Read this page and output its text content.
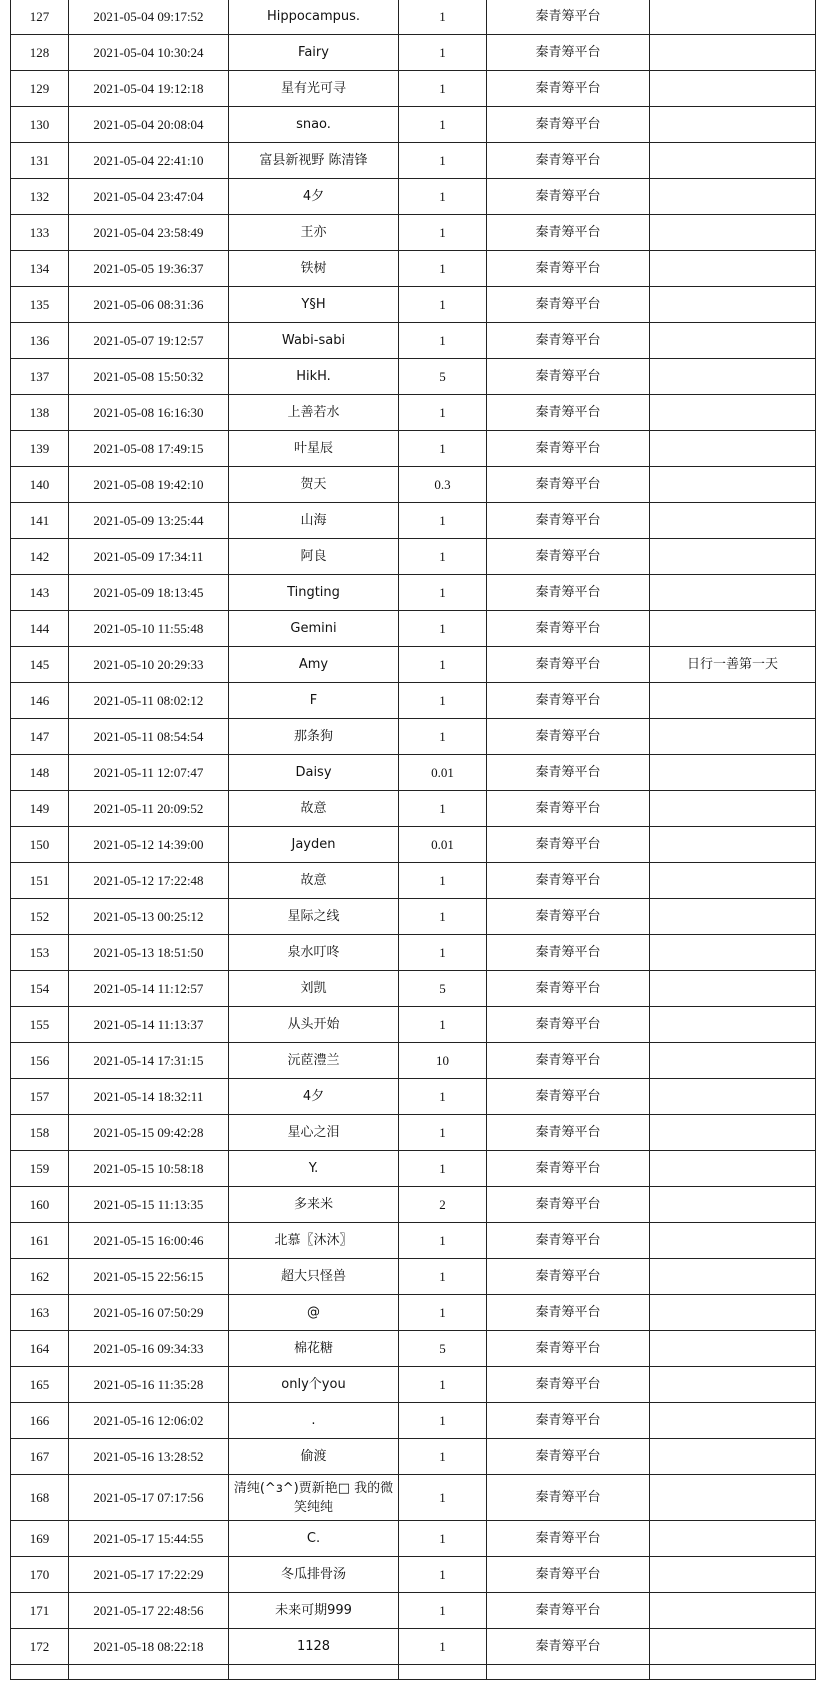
127	2021-05-04 09:17:52	Hippocampus.	1	秦青筹平台	
128	2021-05-04 10:30:24	Fairy	1	秦青筹平台	
129	2021-05-04 19:12:18	星有光可寻	1	秦青筹平台	
130	2021-05-04 20:08:04	snao.	1	秦青筹平台	
131	2021-05-04 22:41:10	富县新视野 陈清锋	1	秦青筹平台	
132	2021-05-04 23:47:04	4夕	1	秦青筹平台	
133	2021-05-04 23:58:49	王亦	1	秦青筹平台	
134	2021-05-05 19:36:37	铁树	1	秦青筹平台	
135	2021-05-06 08:31:36	Y§H	1	秦青筹平台	
136	2021-05-07 19:12:57	Wabi-sabi	1	秦青筹平台	
137	2021-05-08 15:50:32	HikH.	5	秦青筹平台	
138	2021-05-08 16:16:30	上善若水	1	秦青筹平台	
139	2021-05-08 17:49:15	叶星辰	1	秦青筹平台	
140	2021-05-08 19:42:10	贺天	0.3	秦青筹平台	
141	2021-05-09 13:25:44	山海	1	秦青筹平台	
142	2021-05-09 17:34:11	阿良	1	秦青筹平台	
143	2021-05-09 18:13:45	Tingting	1	秦青筹平台	
144	2021-05-10 11:55:48	Gemini	1	秦青筹平台	
145	2021-05-10 20:29:33	Amy	1	秦青筹平台	日行一善第一天
146	2021-05-11 08:02:12	F	1	秦青筹平台	
147	2021-05-11 08:54:54	那条狗	1	秦青筹平台	
148	2021-05-11 12:07:47	Daisy	0.01	秦青筹平台	
149	2021-05-11 20:09:52	故意	1	秦青筹平台	
150	2021-05-12 14:39:00	Jayden	0.01	秦青筹平台	
151	2021-05-12 17:22:48	故意	1	秦青筹平台	
152	2021-05-13 00:25:12	星际之线	1	秦青筹平台	
153	2021-05-13 18:51:50	泉水叮咚	1	秦青筹平台	
154	2021-05-14 11:12:57	刘凯	5	秦青筹平台	
155	2021-05-14 11:13:37	从头开始	1	秦青筹平台	
156	2021-05-14 17:31:15	沅茝澧兰	10	秦青筹平台	
157	2021-05-14 18:32:11	4夕	1	秦青筹平台	
158	2021-05-15 09:42:28	星心之泪	1	秦青筹平台	
159	2021-05-15 10:58:18	Y.	1	秦青筹平台	
160	2021-05-15 11:13:35	多来米	2	秦青筹平台	
161	2021-05-15 16:00:46	北慕〖沐沐〗	1	秦青筹平台	
162	2021-05-15 22:56:15	超大只怪兽	1	秦青筹平台	
163	2021-05-16 07:50:29	@	1	秦青筹平台	
164	2021-05-16 09:34:33	棉花糖	5	秦青筹平台	
165	2021-05-16 11:35:28	only个you	1	秦青筹平台	
166	2021-05-16 12:06:02	.	1	秦青筹平台	
167	2021-05-16 13:28:52	偷渡	1	秦青筹平台	
168	2021-05-17 07:17:56	清纯(^з^)贾新艳□ 我的微笑纯纯	1	秦青筹平台	
169	2021-05-17 15:44:55	C.	1	秦青筹平台	
170	2021-05-17 17:22:29	冬瓜排骨汤	1	秦青筹平台	
171	2021-05-17 22:48:56	未来可期999	1	秦青筹平台	
172	2021-05-18 08:22:18	1128	1	秦青筹平台	
